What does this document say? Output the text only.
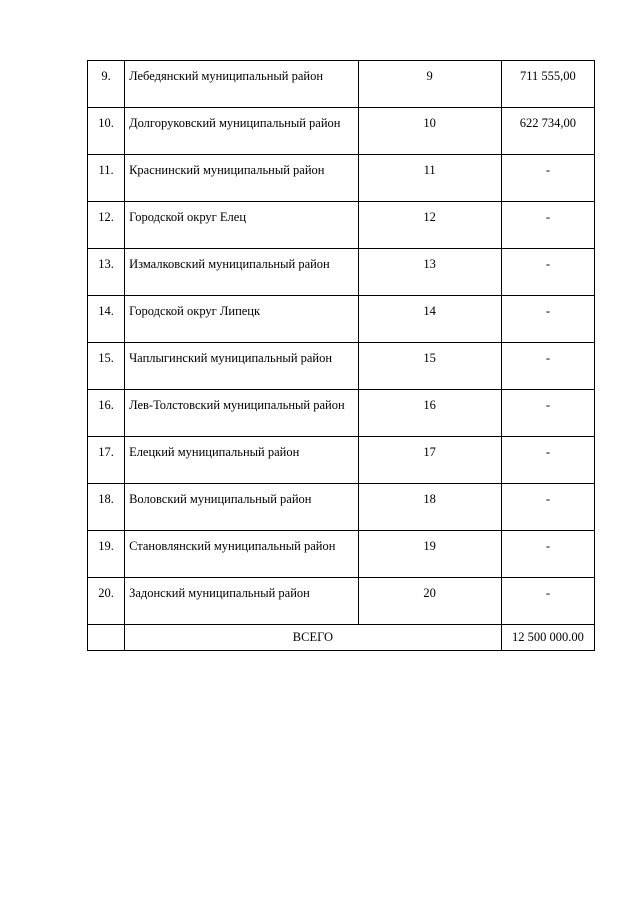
9.	Лебедянский муниципальный район	9	711 555,00
10.	Долгоруковский муниципальный район	10	622 734,00
11.	Краснинский муниципальный район	11	-
12.	Городской округ Елец	12	-
13.	Измалковский муниципальный район	13	-
14.	Городской округ Липецк	14	-
15.	Чаплыгинский муниципальный район	15	-
16.	Лев-Толстовский муниципальный район	16	-
17.	Елецкий муниципальный район	17	-
18.	Воловский муниципальный район	18	-
19.	Становлянский муниципальный район	19	-
20.	Задонский муниципальный район	20	-
	ВСЕГО		12 500 000.00
